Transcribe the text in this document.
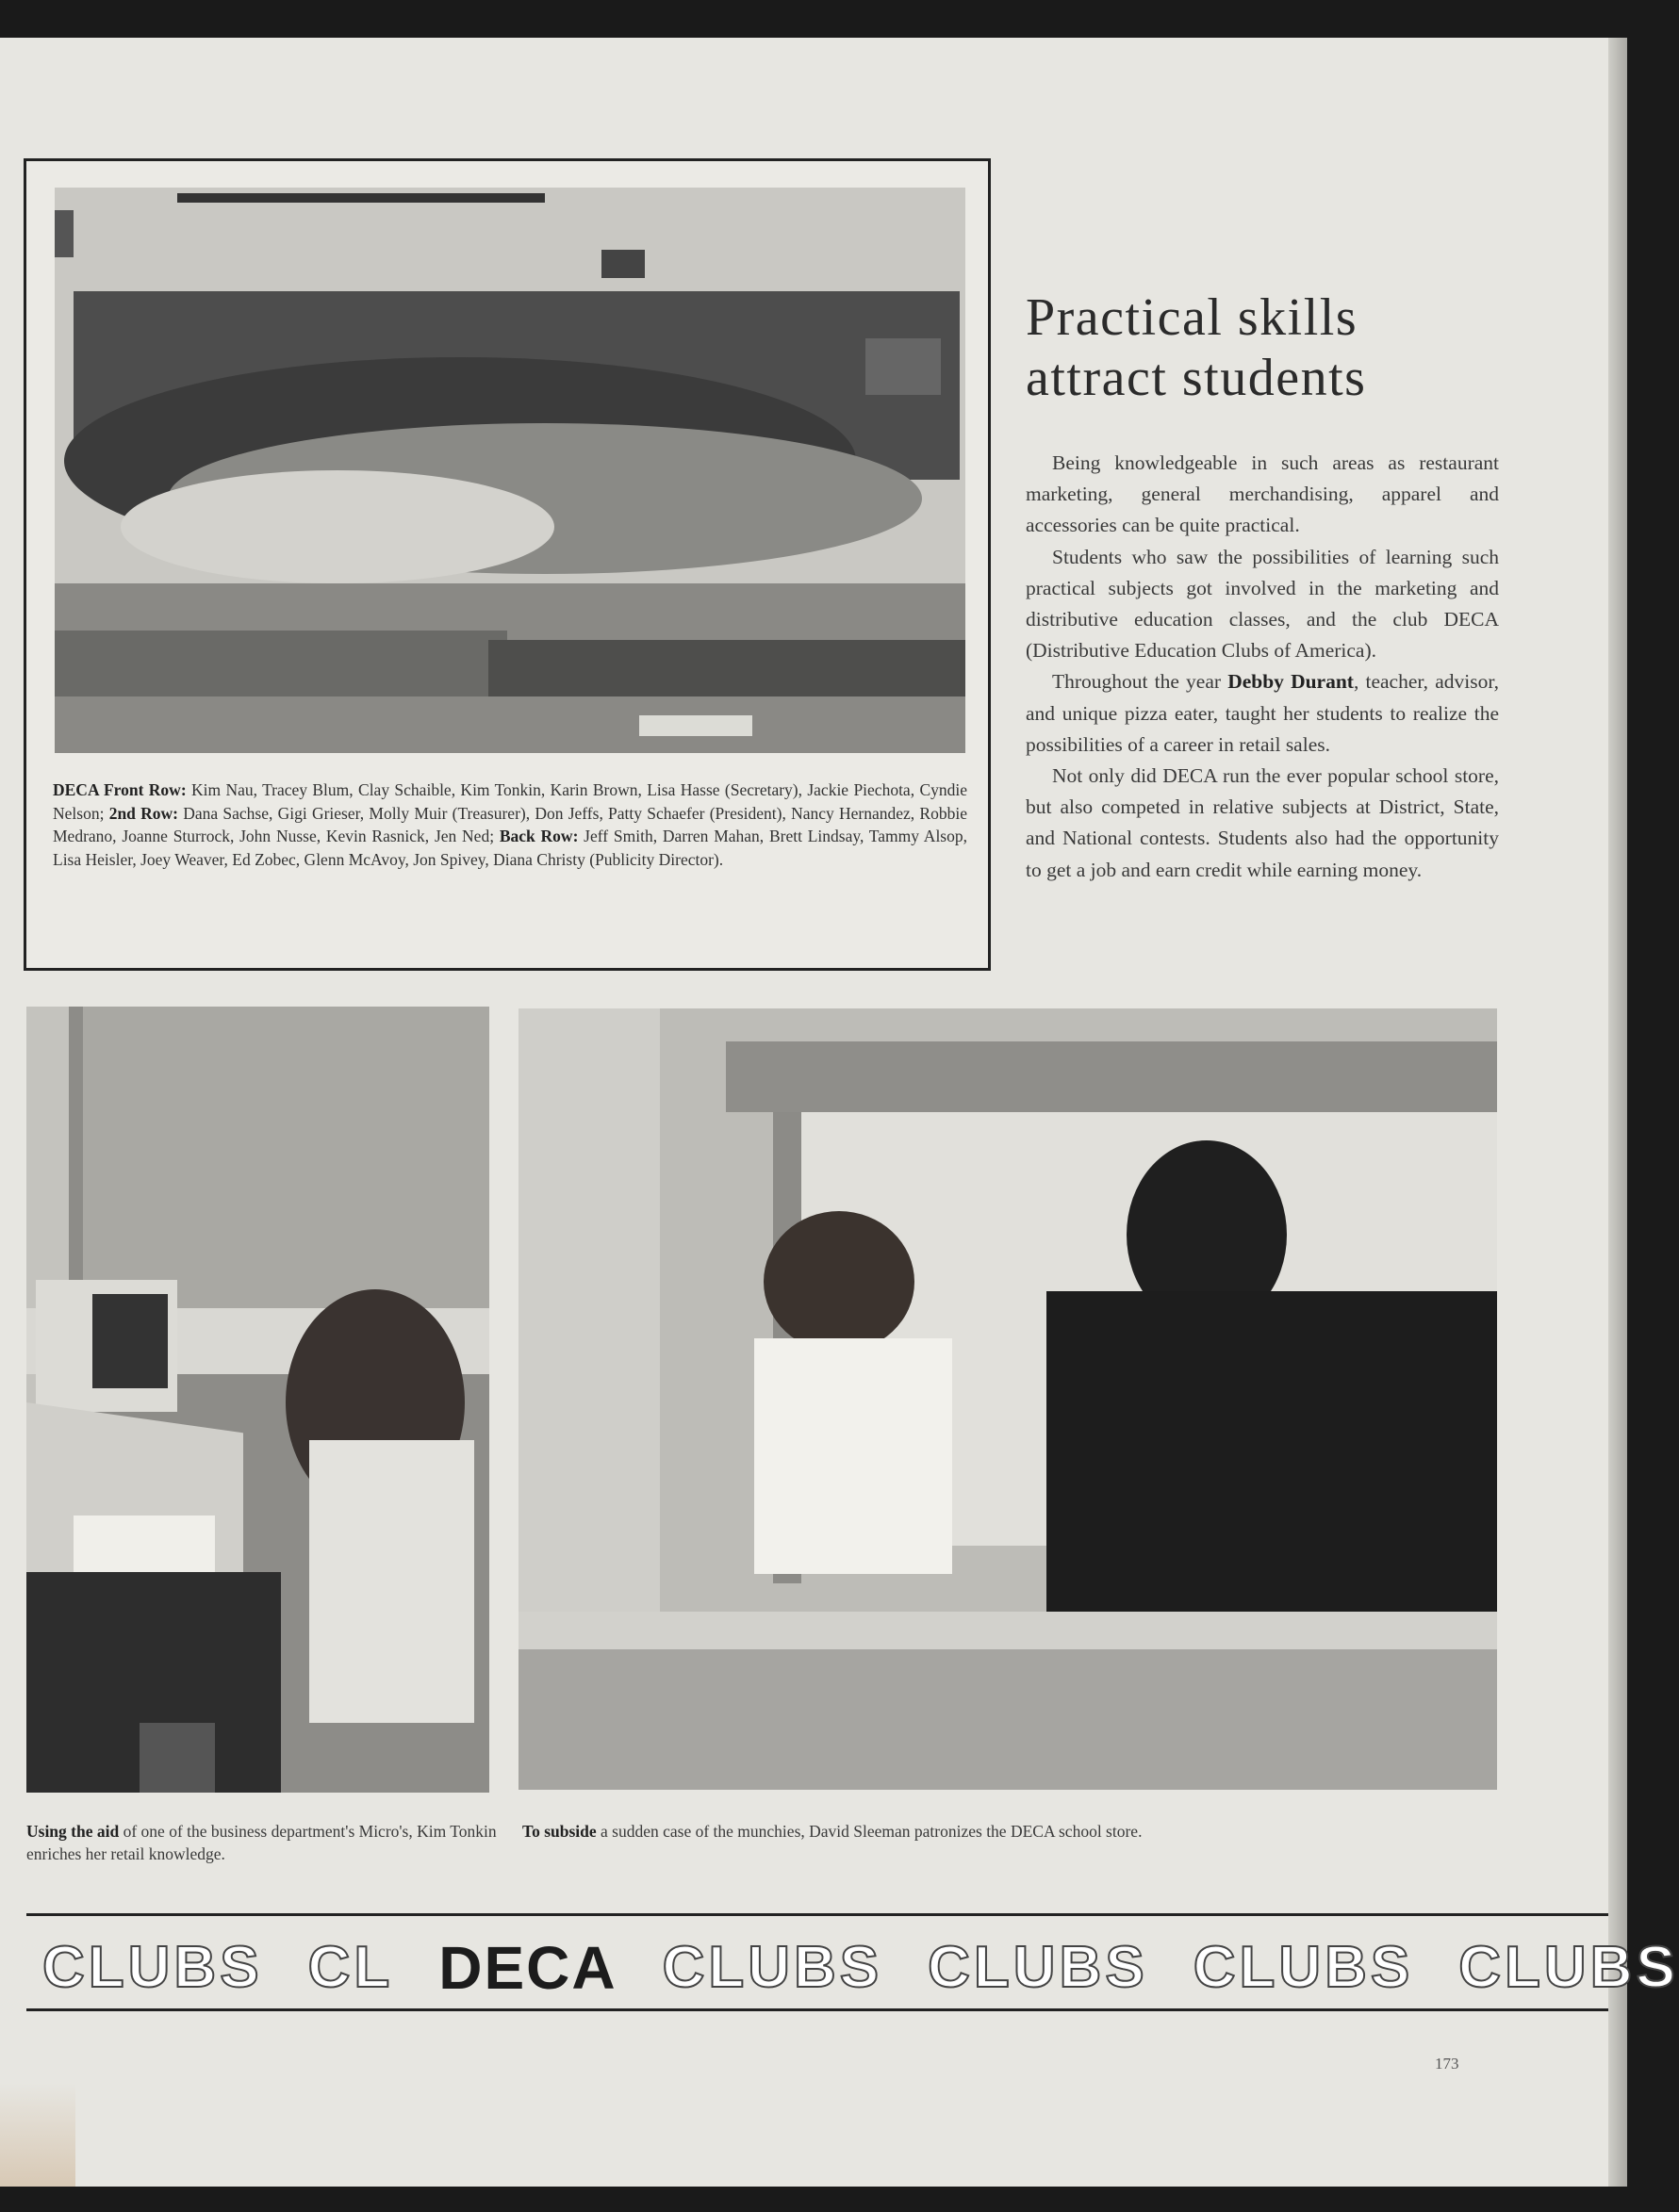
DECA Front Row: Kim Nau, Tracey Blum, Clay Schaible, Kim Tonkin, Karin Brown, Lisa Hasse (Secretary), Jackie Piechota, Cyndie Nelson; 2nd Row: Dana Sachse, Gigi Grieser, Molly Muir (Treasurer), Don Jeffs, Patty Schaefer (President), Nancy Hernandez, Robbie Medrano, Joanne Sturrock, John Nusse, Kevin Rasnick, Jen Ned; Back Row: Jeff Smith, Darren Mahan, Brett Lindsay, Tammy Alsop, Lisa Heisler, Joey Weaver, Ed Zobec, Glenn McAvoy, Jon Spivey, Diana Christy (Publicity Director).
Practical skills
attract students

Being knowledgeable in such areas as restaurant marketing, general merchandising, apparel and accessories can be quite practical.

Students who saw the possibilities of learning such practical subjects got involved in the marketing and distributive education classes, and the club DECA (Distributive Education Clubs of America).

Throughout the year Debby Durant, teacher, advisor, and unique pizza eater, taught her students to realize the possibilities of a career in retail sales.

Not only did DECA run the ever popular school store, but also competed in relative subjects at District, State, and National contests. Students also had the opportunity to get a job and earn credit while earning money.

Using the aid of one of the business department's Micro's, Kim Tonkin enriches her retail knowledge.
To subside a sudden case of the munchies, David Sleeman patronizes the DECA school store.
CLUBS CL DECA CLUBS CLUBS CLUBS CLUBS
173
